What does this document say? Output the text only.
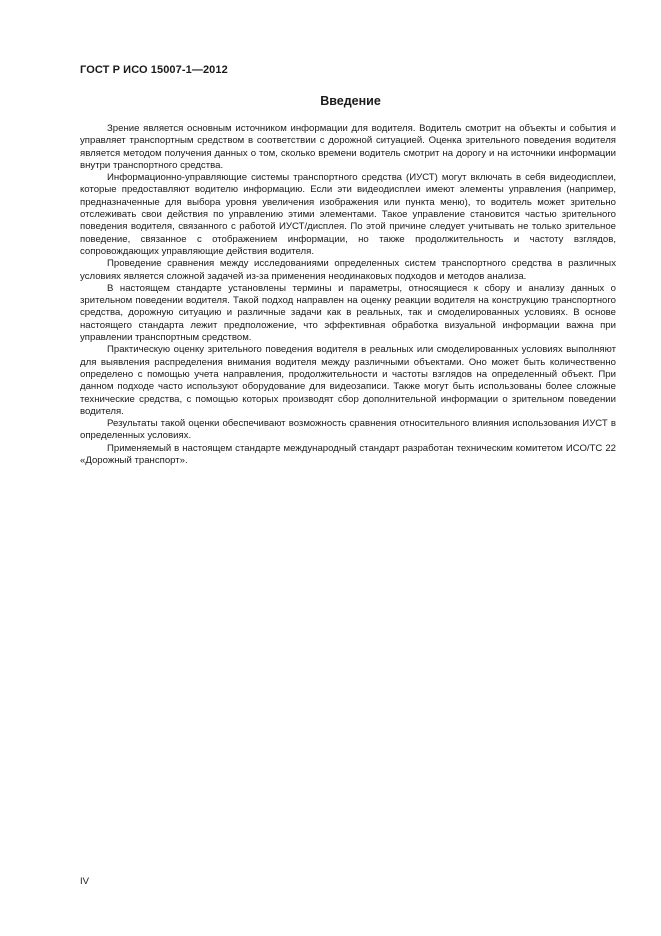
ГОСТ Р ИСО 15007-1—2012
Введение

Зрение является основным источником информации для водителя. Водитель смотрит на объекты и события и управляет транспортным средством в соответствии с дорожной ситуацией. Оценка зрительного поведения водителя является методом получения данных о том, сколько времени водитель смотрит на дорогу и на источники информации внутри транспортного средства.

Информационно-управляющие системы транспортного средства (ИУСТ) могут включать в себя видеодисплеи, которые предоставляют водителю информацию. Если эти видеодисплеи имеют элементы управления (например, предназначенные для выбора уровня увеличения изображения или пункта меню), то водитель может зрительно отслеживать свои действия по управлению этими элементами. Такое управление становится частью зрительного поведения водителя, связанного с работой ИУСТ/дисплея. По этой причине следует учитывать не только зрительное поведение, связанное с отображением информации, но также продолжительность и частоту взглядов, сопровождающих управляющие действия водителя.

Проведение сравнения между исследованиями определенных систем транспортного средства в различных условиях является сложной задачей из-за применения неодинаковых подходов и методов анализа.

В настоящем стандарте установлены термины и параметры, относящиеся к сбору и анализу данных о зрительном поведении водителя. Такой подход направлен на оценку реакции водителя на конструкцию транспортного средства, дорожную ситуацию и различные задачи как в реальных, так и смоделированных условиях. В основе настоящего стандарта лежит предположение, что эффективная обработка визуальной информации важна при управлении транспортным средством.

Практическую оценку зрительного поведения водителя в реальных или смоделированных условиях выполняют для выявления распределения внимания водителя между различными объектами. Оно может быть количественно определено с помощью учета направления, продолжительности и частоты взглядов на определенный объект. При данном подходе часто используют оборудование для видеозаписи. Также могут быть использованы более сложные технические средства, с помощью которых производят сбор дополнительной информации о зрительном поведении водителя.

Результаты такой оценки обеспечивают возможность сравнения относительного влияния использования ИУСТ в определенных условиях.

Применяемый в настоящем стандарте международный стандарт разработан техническим комитетом ИСО/ТС 22 «Дорожный транспорт».

IV
